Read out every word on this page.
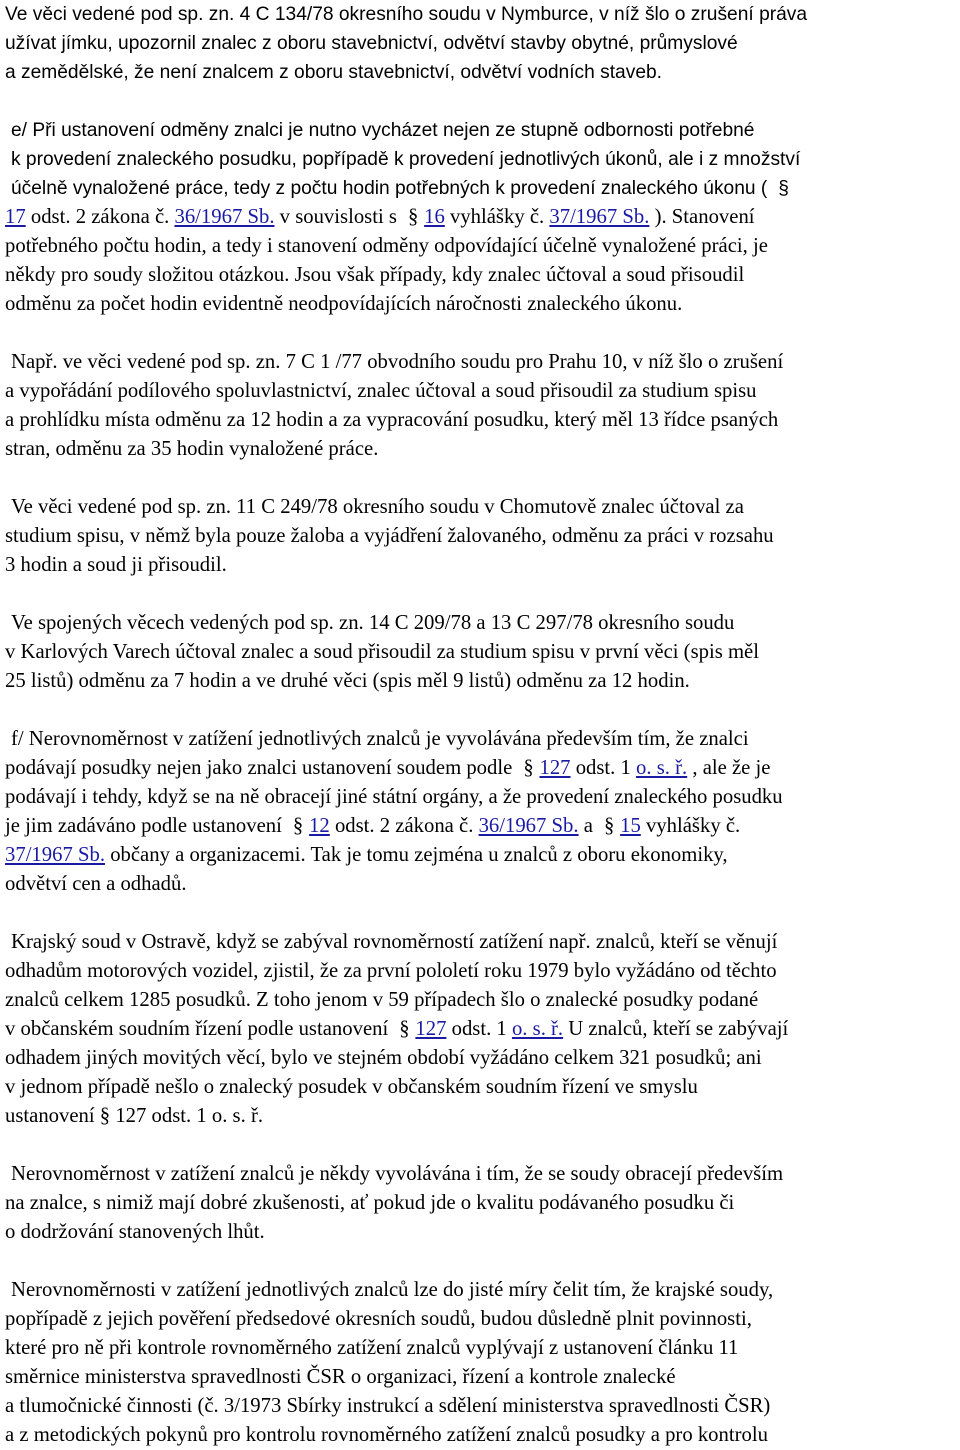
Ve věci vedené pod sp. zn. 4 C 134/78 okresního soudu v Nymburce, v níž šlo o zrušení práva
užívat jímku, upozornil znalec z oboru stavebnictví, odvětví stavby obytné, průmyslové
a zemědělské, že není znalcem z oboru stavebnictví, odvětví vodních staveb.

e/ Při ustanovení odměny znalci je nutno vycházet nejen ze stupně odbornosti potřebné
k provedení znaleckého posudku, popřípadě k provedení jednotlivých úkonů, ale i z množství
účelně vynaložené práce, tedy z počtu hodin potřebných k provedení znaleckého úkonu ( §

17 odst. 2 zákona č. 36/1967 Sb. v souvislosti s § 16 vyhlášky č. 37/1967 Sb. ). Stanovení
potřebného počtu hodin, a tedy i stanovení odměny odpovídající účelně vynaložené práci, je
někdy pro soudy složitou otázkou. Jsou však případy, kdy znalec účtoval a soud přisoudil
odměnu za počet hodin evidentně neodpovídajících náročnosti znaleckého úkonu.

Např. ve věci vedené pod sp. zn. 7 C 1 /77 obvodního soudu pro Prahu 10, v níž šlo o zrušení

a vypořádání podílového spoluvlastnictví, znalec účtoval a soud přisoudil za studium spisu
a prohlídku místa odměnu za 12 hodin a za vypracování posudku, který měl 13 řídce psaných
stran, odměnu za 35 hodin vynaložené práce.

Ve věci vedené pod sp. zn. 11 C 249/78 okresního soudu v Chomutově znalec účtoval za

studium spisu, v němž byla pouze žaloba a vyjádření žalovaného, odměnu za práci v rozsahu
3 hodin a soud ji přisoudil.

Ve spojených věcech vedených pod sp. zn. 14 C 209/78 a 13 C 297/78 okresního soudu

v Karlových Varech účtoval znalec a soud přisoudil za studium spisu v první věci (spis měl
25 listů) odměnu za 7 hodin a ve druhé věci (spis měl 9 listů) odměnu za 12 hodin.

f/ Nerovnoměrnost v zatížení jednotlivých znalců je vyvolávána především tím, že znalci

podávají posudky nejen jako znalci ustanovení soudem podle § 127 odst. 1 o. s. ř. , ale že je
podávají i tehdy, když se na ně obracejí jiné státní orgány, a že provedení znaleckého posudku
je jim zadáváno podle ustanovení § 12 odst. 2 zákona č. 36/1967 Sb. a § 15 vyhlášky č.
37/1967 Sb. občany a organizacemi. Tak je tomu zejména u znalců z oboru ekonomiky,
odvětví cen a odhadů.

Krajský soud v Ostravě, když se zabýval rovnoměrností zatížení např. znalců, kteří se věnují

odhadům motorových vozidel, zjistil, že za první pololetí roku 1979 bylo vyžádáno od těchto
znalců celkem 1285 posudků. Z toho jenom v 59 případech šlo o znalecké posudky podané
v občanském soudním řízení podle ustanovení § 127 odst. 1 o. s. ř. U znalců, kteří se zabývají
odhadem jiných movitých věcí, bylo ve stejném období vyžádáno celkem 321 posudků; ani
v jednom případě nešlo o znalecký posudek v občanském soudním řízení ve smyslu
ustanovení § 127 odst. 1 o. s. ř.

Nerovnoměrnost v zatížení znalců je někdy vyvolávána i tím, že se soudy obracejí především

na znalce, s nimiž mají dobré zkušenosti, ať pokud jde o kvalitu podávaného posudku či
o dodržování stanovených lhůt.

Nerovnoměrnosti v zatížení jednotlivých znalců lze do jisté míry čelit tím, že krajské soudy,

popřípadě z jejich pověření předsedové okresních soudů, budou důsledně plnit povinnosti,
které pro ně při kontrole rovnoměrného zatížení znalců vyplývají z ustanovení článku 11
směrnice ministerstva spravedlnosti ČSR o organizaci, řízení a kontrole znalecké
a tlumočnické činnosti (č. 3/1973 Sbírky instrukcí a sdělení ministerstva spravedlnosti ČSR)
a z metodických pokynů pro kontrolu rovnoměrného zatížení znalců posudky a pro kontrolu
